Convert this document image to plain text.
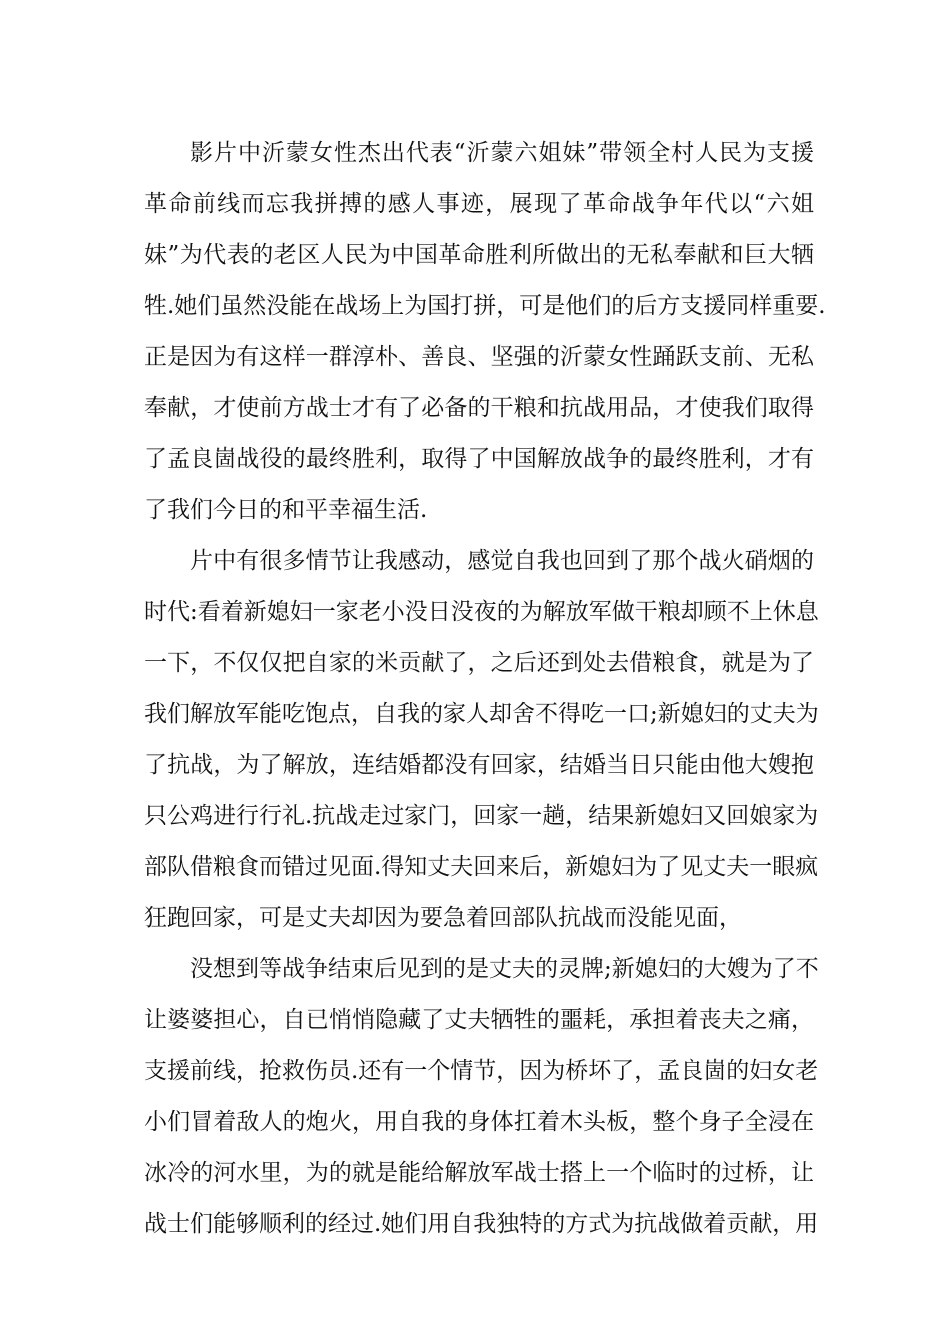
影片中沂蒙女性杰出代表“沂蒙六姐妹”带领全村人民为支援
革命前线而忘我拼搏的感人事迹，展现了革命战争年代以“六姐
妹”为代表的老区人民为中国革命胜利所做出的无私奉献和巨大牺
牲.她们虽然没能在战场上为国打拼，可是他们的后方支援同样重要.
正是因为有这样一群淳朴、善良、坚强的沂蒙女性踊跃支前、无私
奉献，才使前方战士才有了必备的干粮和抗战用品，才使我们取得
了孟良崮战役的最终胜利，取得了中国解放战争的最终胜利，才有
了我们今日的和平幸福生活.
片中有很多情节让我感动，感觉自我也回到了那个战火硝烟的
时代:看着新媳妇一家老小没日没夜的为解放军做干粮却顾不上休息
一下，不仅仅把自家的米贡献了，之后还到处去借粮食，就是为了
我们解放军能吃饱点，自我的家人却舍不得吃一口;新媳妇的丈夫为
了抗战，为了解放，连结婚都没有回家，结婚当日只能由他大嫂抱
只公鸡进行行礼.抗战走过家门，回家一趟，结果新媳妇又回娘家为
部队借粮食而错过见面.得知丈夫回来后，新媳妇为了见丈夫一眼疯
狂跑回家，可是丈夫却因为要急着回部队抗战而没能见面，
没想到等战争结束后见到的是丈夫的灵牌;新媳妇的大嫂为了不
让婆婆担心，自已悄悄隐藏了丈夫牺牲的噩耗，承担着丧夫之痛，
支援前线，抢救伤员.还有一个情节，因为桥坏了，孟良崮的妇女老
小们冒着敌人的炮火，用自我的身体扛着木头板，整个身子全浸在
冰冷的河水里，为的就是能给解放军战士搭上一个临时的过桥，让
战士们能够顺利的经过.她们用自我独特的方式为抗战做着贡献，用
